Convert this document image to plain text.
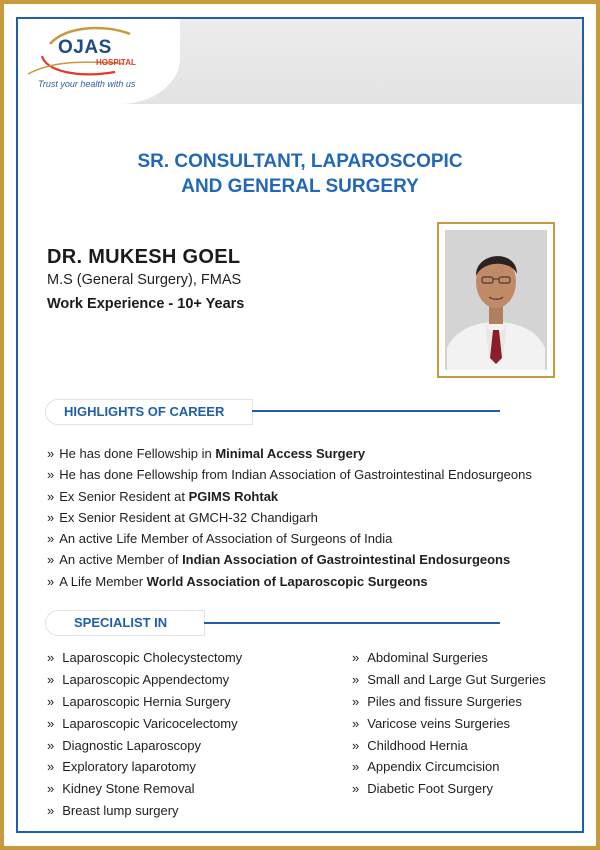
OJAS
HOSPITAL
Trust your health with us
SR. CONSULTANT, LAPAROSCOPIC
AND GENERAL SURGERY
DR. MUKESH GOEL
M.S (General Surgery), FMAS
Work Experience - 10+ Years
HIGHLIGHTS OF CAREER
» He has done Fellowship in Minimal Access Surgery
» He has done Fellowship from Indian Association of Gastrointestinal Endosurgeons
» Ex Senior Resident at PGIMS Rohtak
» Ex Senior Resident at GMCH-32 Chandigarh
» An active Life Member of Association of Surgeons of India
» An active Member of Indian Association of Gastrointestinal Endosurgeons
» A Life Member World Association of Laparoscopic Surgeons
SPECIALIST IN
» Laparoscopic Cholecystectomy
» Laparoscopic Appendectomy
» Laparoscopic Hernia Surgery
» Laparoscopic Varicocelectomy
» Diagnostic Laparoscopy
» Exploratory laparotomy
» Kidney Stone Removal
» Breast lump surgery
» Abdominal Surgeries
» Small and Large Gut Surgeries
» Piles and fissure Surgeries
» Varicose veins Surgeries
» Childhood Hernia
» Appendix Circumcision
» Diabetic Foot Surgery
